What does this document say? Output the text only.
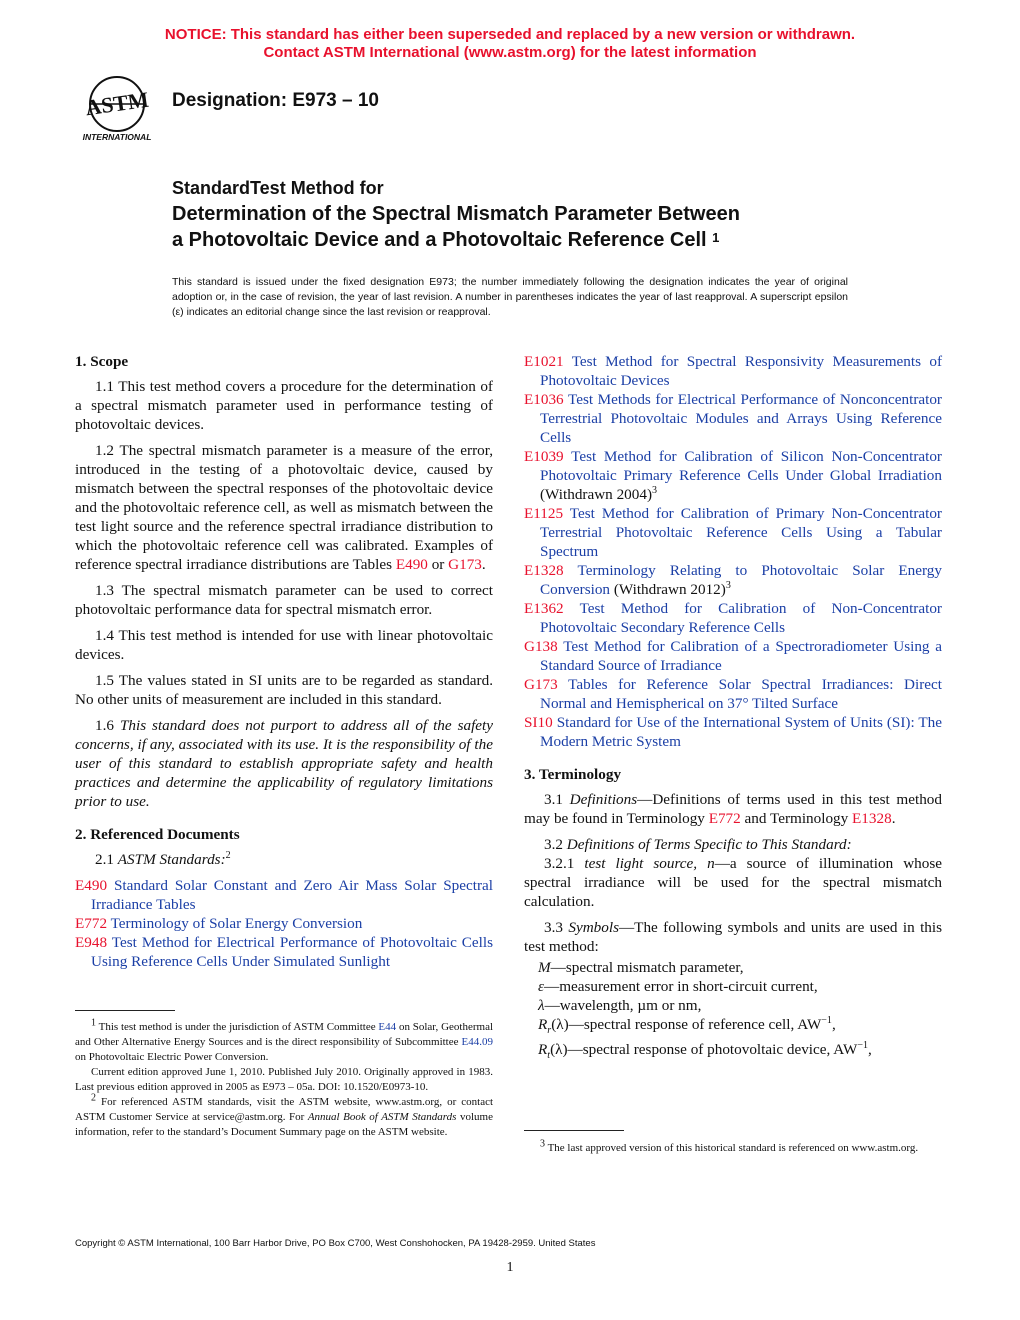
NOTICE: This standard has either been superseded and replaced by a new version or withdrawn.
Contact ASTM International (www.astm.org) for the latest information
ASTM
INTERNATIONAL
Designation: E973 – 10
StandardTest Method for
Determination of the Spectral Mismatch Parameter Between
a Photovoltaic Device and a Photovoltaic Reference Cell $^1$
This standard is issued under the fixed designation E973; the number immediately following the designation indicates the year of original adoption or, in the case of revision, the year of last revision. A number in parentheses indicates the year of last reapproval. A superscript epsilon (ε) indicates an editorial change since the last revision or reapproval.
1. Scope

1.1 This test method covers a procedure for the determination of a spectral mismatch parameter used in performance testing of photovoltaic devices.

1.2 The spectral mismatch parameter is a measure of the error, introduced in the testing of a photovoltaic device, caused by mismatch between the spectral responses of the photovoltaic device and the photovoltaic reference cell, as well as mismatch between the test light source and the reference spectral irradiance distribution to which the photovoltaic reference cell was calibrated. Examples of reference spectral irradiance distributions are Tables E490 or G173.

1.3 The spectral mismatch parameter can be used to correct photovoltaic performance data for spectral mismatch error.

1.4 This test method is intended for use with linear photovoltaic devices.

1.5 The values stated in SI units are to be regarded as standard. No other units of measurement are included in this standard.

1.6 This standard does not purport to address all of the safety concerns, if any, associated with its use. It is the responsibility of the user of this standard to establish appropriate safety and health practices and determine the applicability of regulatory limitations prior to use.

2. Referenced Documents

2.1 ASTM Standards:$^2$

E490 Standard Solar Constant and Zero Air Mass Solar Spectral Irradiance Tables

E772 Terminology of Solar Energy Conversion

E948 Test Method for Electrical Performance of Photovoltaic Cells Using Reference Cells Under Simulated Sunlight

$^1$ This test method is under the jurisdiction of ASTM Committee E44 on Solar, Geothermal and Other Alternative Energy Sources and is the direct responsibility of Subcommittee E44.09 on Photovoltaic Electric Power Conversion.

Current edition approved June 1, 2010. Published July 2010. Originally approved in 1983. Last previous edition approved in 2005 as E973 – 05a. DOI: 10.1520/E0973-10.

$^2$ For referenced ASTM standards, visit the ASTM website, www.astm.org, or contact ASTM Customer Service at service@astm.org. For Annual Book of ASTM Standards volume information, refer to the standard’s Document Summary page on the ASTM website.

E1021 Test Method for Spectral Responsivity Measurements of Photovoltaic Devices

E1036 Test Methods for Electrical Performance of Nonconcentrator Terrestrial Photovoltaic Modules and Arrays Using Reference Cells

E1039 Test Method for Calibration of Silicon Non-Concentrator Photovoltaic Primary Reference Cells Under Global Irradiation (Withdrawn 2004)$^3$

E1125 Test Method for Calibration of Primary Non-Concentrator Terrestrial Photovoltaic Reference Cells Using a Tabular Spectrum

E1328 Terminology Relating to Photovoltaic Solar Energy Conversion (Withdrawn 2012)$^3$

E1362 Test Method for Calibration of Non-Concentrator Photovoltaic Secondary Reference Cells

G138 Test Method for Calibration of a Spectroradiometer Using a Standard Source of Irradiance

G173 Tables for Reference Solar Spectral Irradiances: Direct Normal and Hemispherical on 37° Tilted Surface

SI10 Standard for Use of the International System of Units (SI): The Modern Metric System

3. Terminology

3.1 Definitions—Definitions of terms used in this test method may be found in Terminology E772 and Terminology E1328.

3.2 Definitions of Terms Specific to This Standard:

3.2.1 test light source, n—a source of illumination whose spectral irradiance will be used for the spectral mismatch calculation.

3.3 Symbols—The following symbols and units are used in this test method:

M—spectral mismatch parameter,

ε—measurement error in short-circuit current,

λ—wavelength, µm or nm,

$R_r(\lambda)—spectral$ response of reference cell, $AW^{-1}$,

$R_t(\lambda)—spectral$ response of photovoltaic device, $AW^{-1}$,

$^3$ The last approved version of this historical standard is referenced on www.astm.org.

Copyright © ASTM International, 100 Barr Harbor Drive, PO Box C700, West Conshohocken, PA 19428-2959. United States
1
